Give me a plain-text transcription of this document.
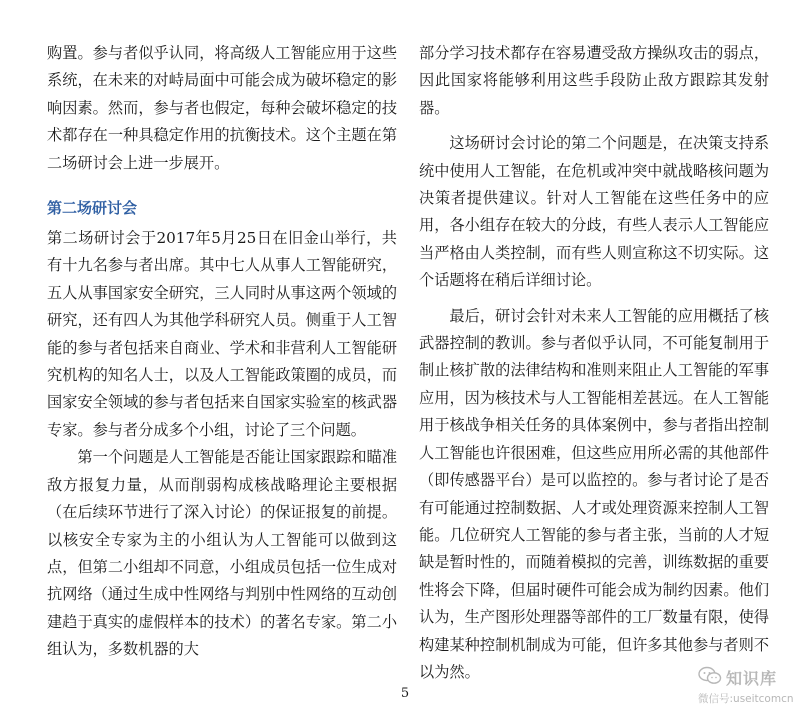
购置。参与者似乎认同，将高级人工智能应用于这些系统，在未来的对峙局面中可能会成为破坏稳定的影响因素。然而，参与者也假定，每种会破坏稳定的技术都存在一种具稳定作用的抗衡技术。这个主题在第二场研讨会上进一步展开。

第二场研讨会

第二场研讨会于2017年5月25日在旧金山举行，共有十九名参与者出席。其中七人从事人工智能研究，五人从事国家安全研究，三人同时从事这两个领域的研究，还有四人为其他学科研究人员。侧重于人工智能的参与者包括来自商业、学术和非营利人工智能研究机构的知名人士，以及人工智能政策圈的成员，而国家安全领域的参与者包括来自国家实验室的核武器专家。参与者分成多个小组，讨论了三个问题。

第一个问题是人工智能是否能让国家跟踪和瞄准敌方报复力量，从而削弱构成核战略理论主要根据（在后续环节进行了深入讨论）的保证报复的前提。以核安全专家为主的小组认为人工智能可以做到这点，但第二小组却不同意，小组成员包括一位生成对抗网络（通过生成中性网络与判别中性网络的互动创建趋于真实的虚假样本的技术）的著名专家。第二小组认为，多数机器的大

部分学习技术都存在容易遭受敌方操纵攻击的弱点，因此国家将能够利用这些手段防止敌方跟踪其发射器。

这场研讨会讨论的第二个问题是，在决策支持系统中使用人工智能，在危机或冲突中就战略核问题为决策者提供建议。针对人工智能在这些任务中的应用，各小组存在较大的分歧，有些人表示人工智能应当严格由人类控制，而有些人则宣称这不切实际。这个话题将在稍后详细讨论。

最后，研讨会针对未来人工智能的应用概括了核武器控制的教训。参与者似乎认同，不可能复制用于制止核扩散的法律结构和准则来阻止人工智能的军事应用，因为核技术与人工智能相差甚远。在人工智能用于核战争相关任务的具体案例中，参与者指出控制人工智能也许很困难，但这些应用所必需的其他部件（即传感器平台）是可以监控的。参与者讨论了是否有可能通过控制数据、人才或处理资源来控制人工智能。几位研究人工智能的参与者主张，当前的人才短缺是暂时性的，而随着模拟的完善，训练数据的重要性将会下降，但届时硬件可能会成为制约因素。他们认为，生产图形处理器等部件的工厂数量有限，使得构建某种控制机制成为可能，但许多其他参与者则不以为然。

5
知识库
微信号:useitcomcn
